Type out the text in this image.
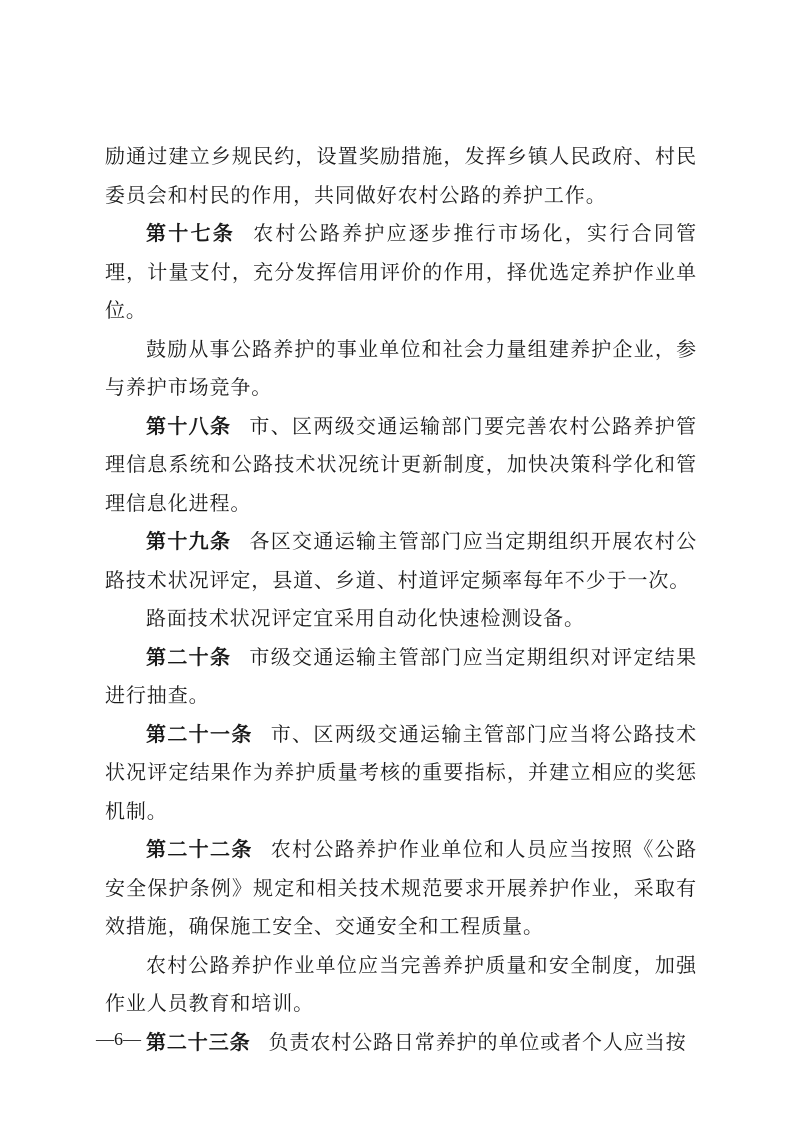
励通过建立乡规民约，设置奖励措施，发挥乡镇人民政府、村民委员会和村民的作用，共同做好农村公路的养护工作。

第十七条 农村公路养护应逐步推行市场化，实行合同管理，计量支付，充分发挥信用评价的作用，择优选定养护作业单位。

鼓励从事公路养护的事业单位和社会力量组建养护企业，参与养护市场竞争。

第十八条 市、区两级交通运输部门要完善农村公路养护管理信息系统和公路技术状况统计更新制度，加快决策科学化和管理信息化进程。

第十九条 各区交通运输主管部门应当定期组织开展农村公路技术状况评定，县道、乡道、村道评定频率每年不少于一次。

路面技术状况评定宜采用自动化快速检测设备。

第二十条 市级交通运输主管部门应当定期组织对评定结果进行抽查。

第二十一条 市、区两级交通运输主管部门应当将公路技术状况评定结果作为养护质量考核的重要指标，并建立相应的奖惩机制。

第二十二条 农村公路养护作业单位和人员应当按照《公路安全保护条例》规定和相关技术规范要求开展养护作业，采取有效措施，确保施工安全、交通安全和工程质量。

农村公路养护作业单位应当完善养护质量和安全制度，加强作业人员教育和培训。

第二十三条 负责农村公路日常养护的单位或者个人应当按

—6—
